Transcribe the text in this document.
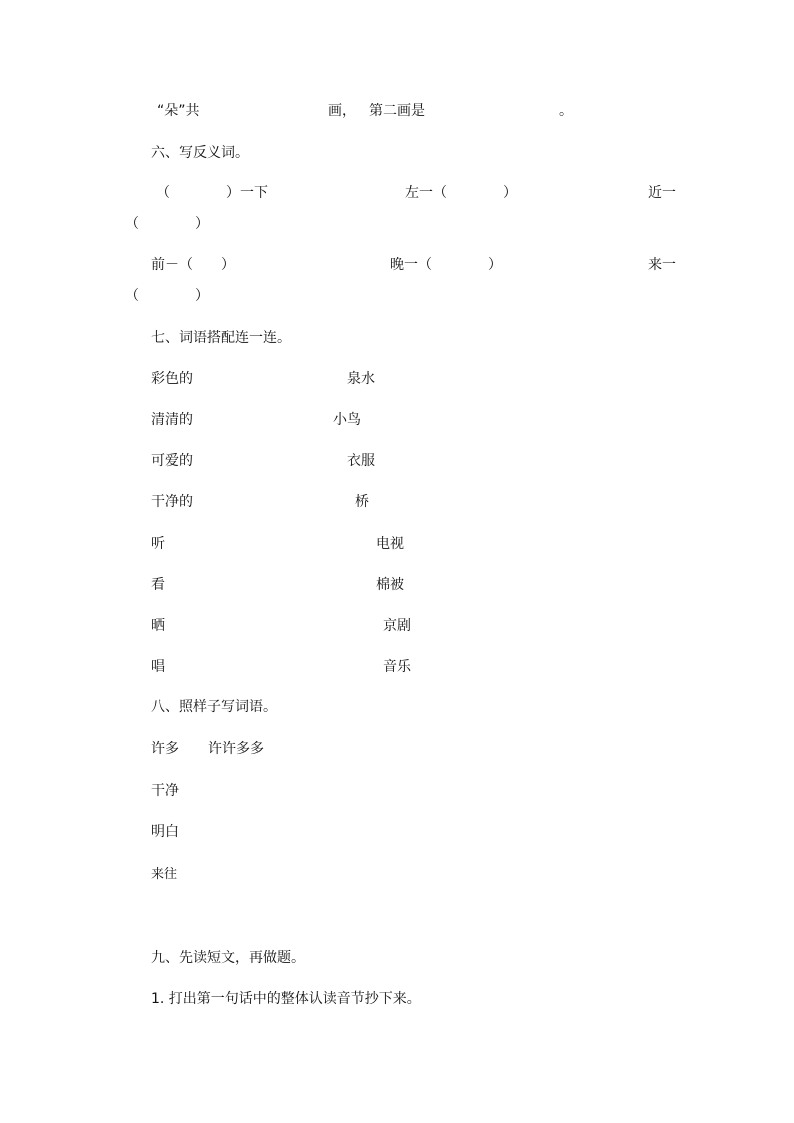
“朵”共	画， 第二画是	。
六、写反义词。
（　　　　）一下	左一（　　　　）	近一
（　　　　）
前－（　　）	晚一（　　　　）	来一
（　　　　）
七、词语搭配连一连。
彩色的	泉水
清清的	小鸟
可爱的	衣服
干净的	桥
听	电视
看	棉被
晒	京剧
唱	音乐
八、照样子写词语。
许多 许许多多
干净
明白
来往
九、先读短文，再做题。
1. 打出第一句话中的整体认读音节抄下来。
